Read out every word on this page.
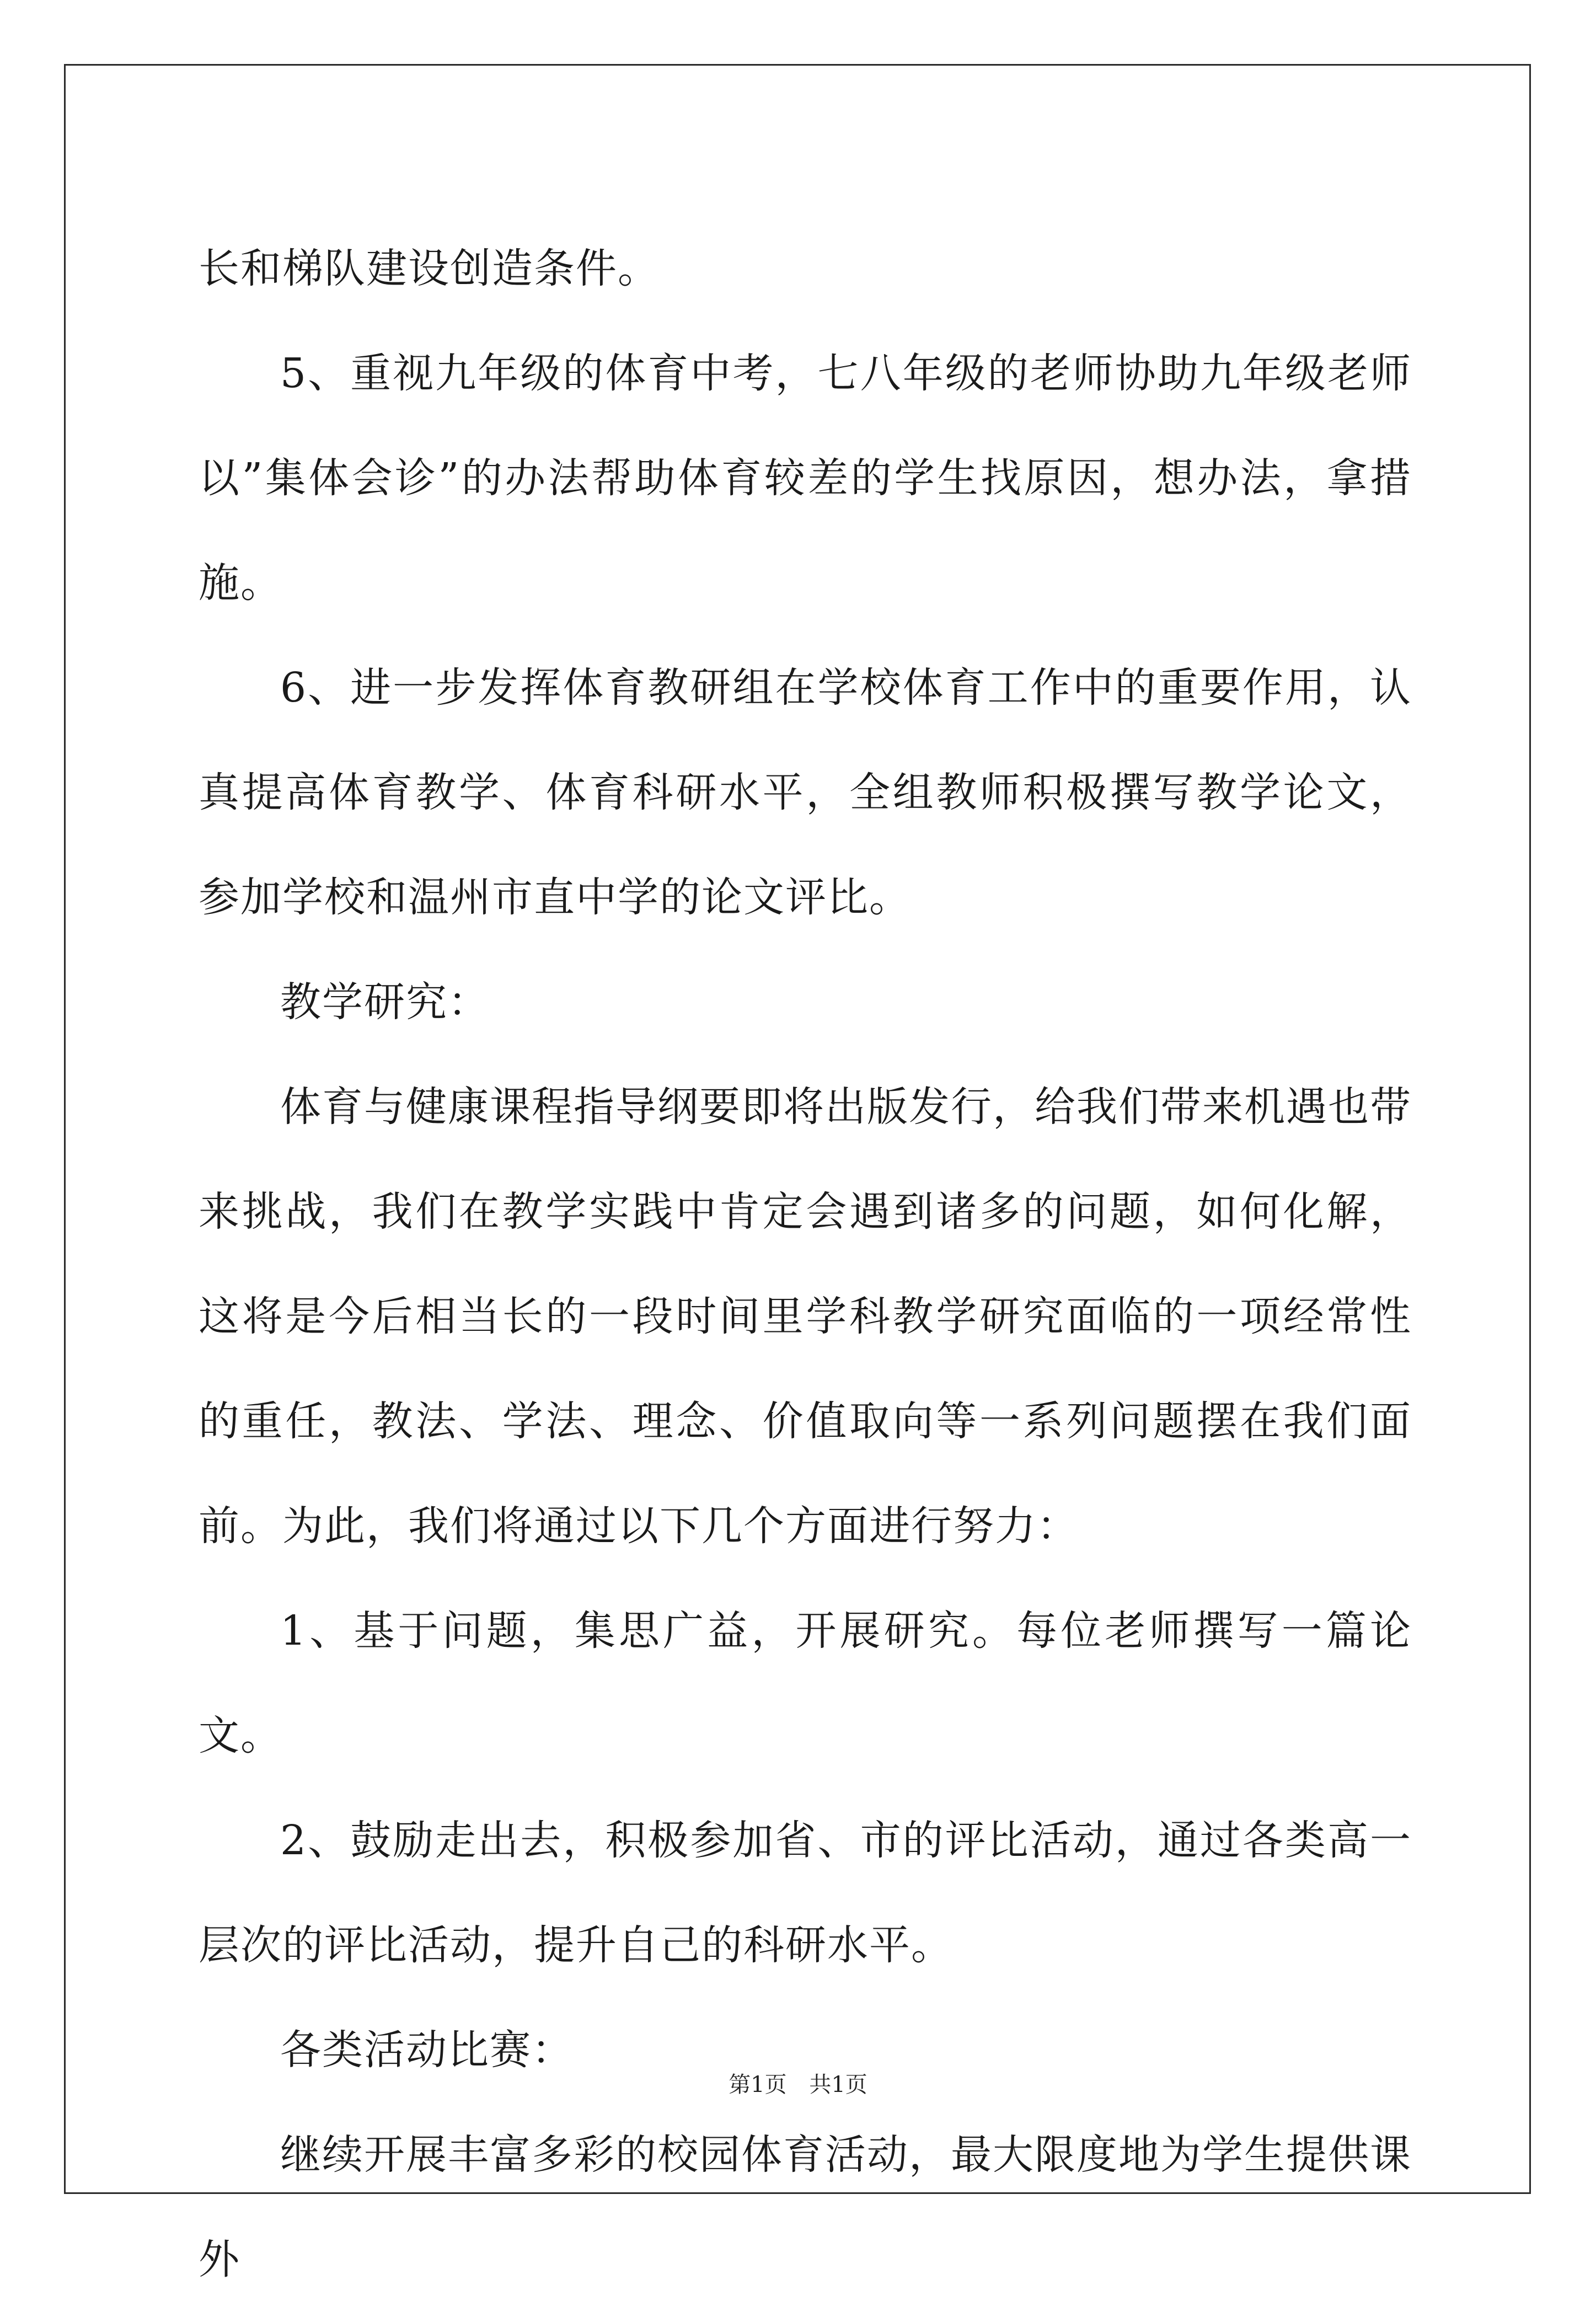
长和梯队建设创造条件。

5、重视九年级的体育中考，七八年级的老师协助九年级老师以”集体会诊”的办法帮助体育较差的学生找原因，想办法，拿措施。

6、进一步发挥体育教研组在学校体育工作中的重要作用，认真提高体育教学、体育科研水平，全组教师积极撰写教学论文，参加学校和温州市直中学的论文评比。

教学研究：

体育与健康课程指导纲要即将出版发行，给我们带来机遇也带来挑战，我们在教学实践中肯定会遇到诸多的问题，如何化解，这将是今后相当长的一段时间里学科教学研究面临的一项经常性的重任，教法、学法、理念、价值取向等一系列问题摆在我们面前。为此，我们将通过以下几个方面进行努力：

1、基于问题，集思广益，开展研究。每位老师撰写一篇论文。

2、鼓励走出去，积极参加省、市的评比活动，通过各类高一层次的评比活动，提升自己的科研水平。

各类活动比赛：

继续开展丰富多彩的校园体育活动，最大限度地为学生提供课外

第1页 共1页
